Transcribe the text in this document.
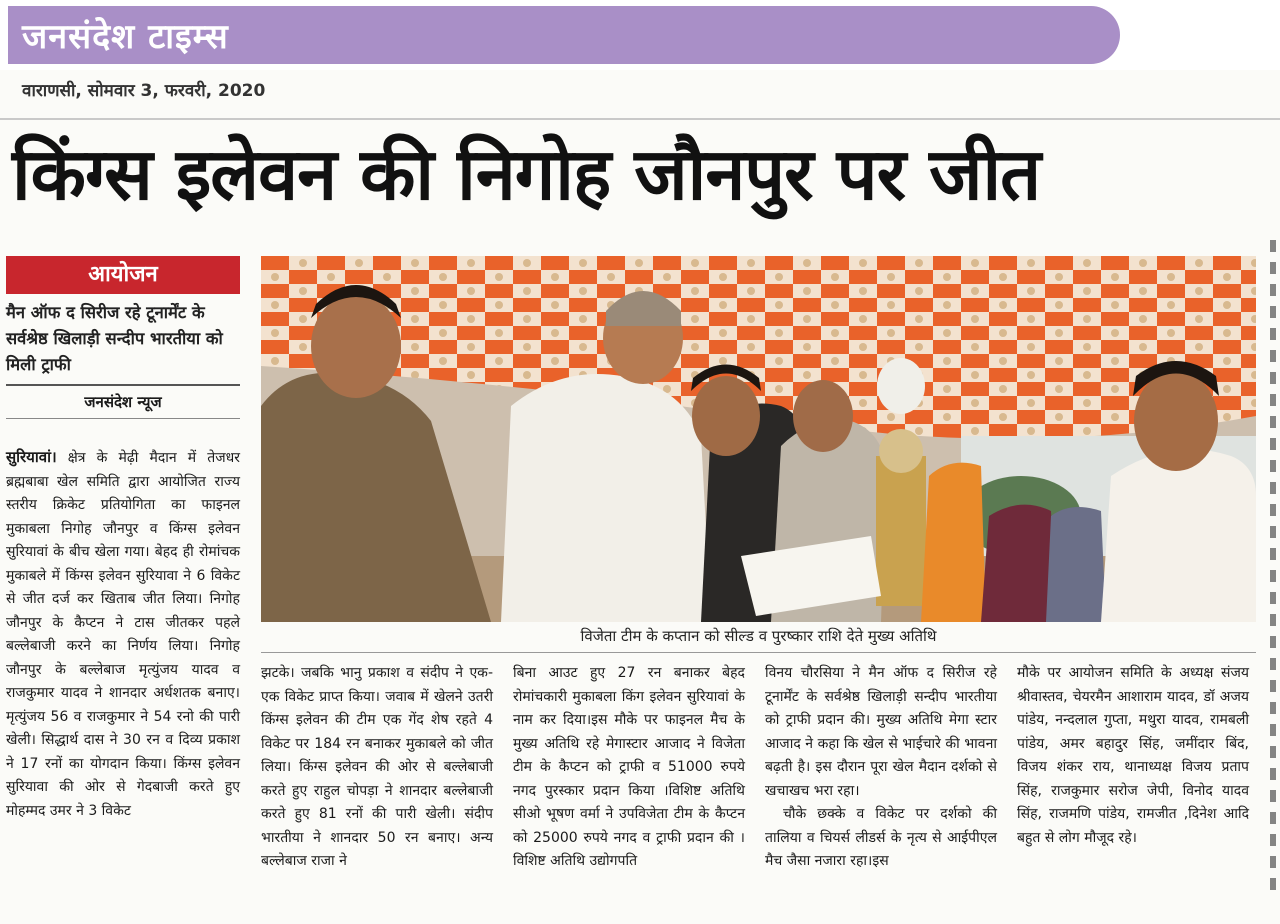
जनसंदेश टाइम्स
वाराणसी, सोमवार 3, फरवरी, 2020
किंग्स इलेवन की निगोह जौनपुर पर जीत
आयोजन
मैन ऑफ द सिरीज रहे टूनार्मेंट के सर्वश्रेष्ठ खिलाड़ी सन्दीप भारतीया को मिली ट्राफी
जनसंदेश न्यूज
सुरियावां। क्षेत्र के मेढ़ी मैदान में तेजधर ब्रह्मबाबा खेल समिति द्वारा आयोजित राज्य स्तरीय क्रिकेट प्रतियोगिता का फाइनल मुकाबला निगोह जौनपुर व किंग्स इलेवन सुरियावां के बीच खेला गया। बेहद ही रोमांचक मुकाबले में किंग्स इलेवन सुरियावा ने 6 विकेट से जीत दर्ज कर खिताब जीत लिया। निगोह जौनपुर के कैप्टन ने टास जीतकर पहले बल्लेबाजी करने का निर्णय लिया। निगोह जौनपुर के बल्लेबाज मृत्युंजय यादव व राजकुमार यादव ने शानदार अर्धशतक बनाए। मृत्युंजय 56 व राजकुमार ने 54 रनो की पारी खेली। सिद्धार्थ दास ने 30 रन व दिव्य प्रकाश ने 17 रनों का योगदान किया। किंग्स इलेवन सुरियावा की ओर से गेदबाजी करते हुए मोहम्मद उमर ने 3 विकेट
विजेता टीम के कप्तान को सील्ड व पुरष्कार राशि देते मुख्य अतिथि

झटके। जबकि भानु प्रकाश व संदीप ने एक-एक विकेट प्राप्त किया। जवाब में खेलने उतरी किंग्स इलेवन की टीम एक गेंद शेष रहते 4 विकेट पर 184 रन बनाकर मुकाबले को जीत लिया। किंग्स इलेवन की ओर से बल्लेबाजी करते हुए राहुल चोपड़ा ने शानदार बल्लेबाजी करते हुए 81 रनों की पारी खेली। संदीप भारतीया ने शानदार 50 रन बनाए। अन्य बल्लेबाज राजा ने

बिना आउट हुए 27 रन बनाकर बेहद रोमांचकारी मुकाबला किंग इलेवन सुरियावां के नाम कर दिया।इस मौके पर फाइनल मैच के मुख्य अतिथि रहे मेगास्टार आजाद ने विजेता टीम के कैप्टन को ट्राफी व 51000 रुपये नगद पुरस्कार प्रदान किया ।विशिष्ट अतिथि सीओ भूषण वर्मा ने उपविजेता टीम के कैप्टन को 25000 रुपये नगद व ट्राफी प्रदान की ।विशिष्ट अतिथि उद्योगपति

विनय चौरसिया ने मैन ऑफ द सिरीज रहे टूनार्मेंट के सर्वश्रेष्ठ खिलाड़ी सन्दीप भारतीया को ट्राफी प्रदान की। मुख्य अतिथि मेगा स्टार आजाद ने कहा कि खेल से भाईचारे की भावना बढ़ती है। इस दौरान पूरा खेल मैदान दर्शको से खचाखच भरा रहा।

चौके छक्के व विकेट पर दर्शको की तालिया व चियर्स लीडर्स के नृत्य से आईपीएल मैच जैसा नजारा रहा।इस

मौके पर आयोजन समिति के अध्यक्ष संजय श्रीवास्तव, चेयरमैन आशाराम यादव, डॉ अजय पांडेय, नन्दलाल गुप्ता, मथुरा यादव, रामबली पांडेय, अमर बहादुर सिंह, जमींदार बिंद, विजय शंकर राय, थानाध्यक्ष विजय प्रताप सिंह, राजकुमार सरोज जेपी, विनोद यादव सिंह, राजमणि पांडेय, रामजीत ,दिनेश आदि बहुत से लोग मौजूद रहे।
